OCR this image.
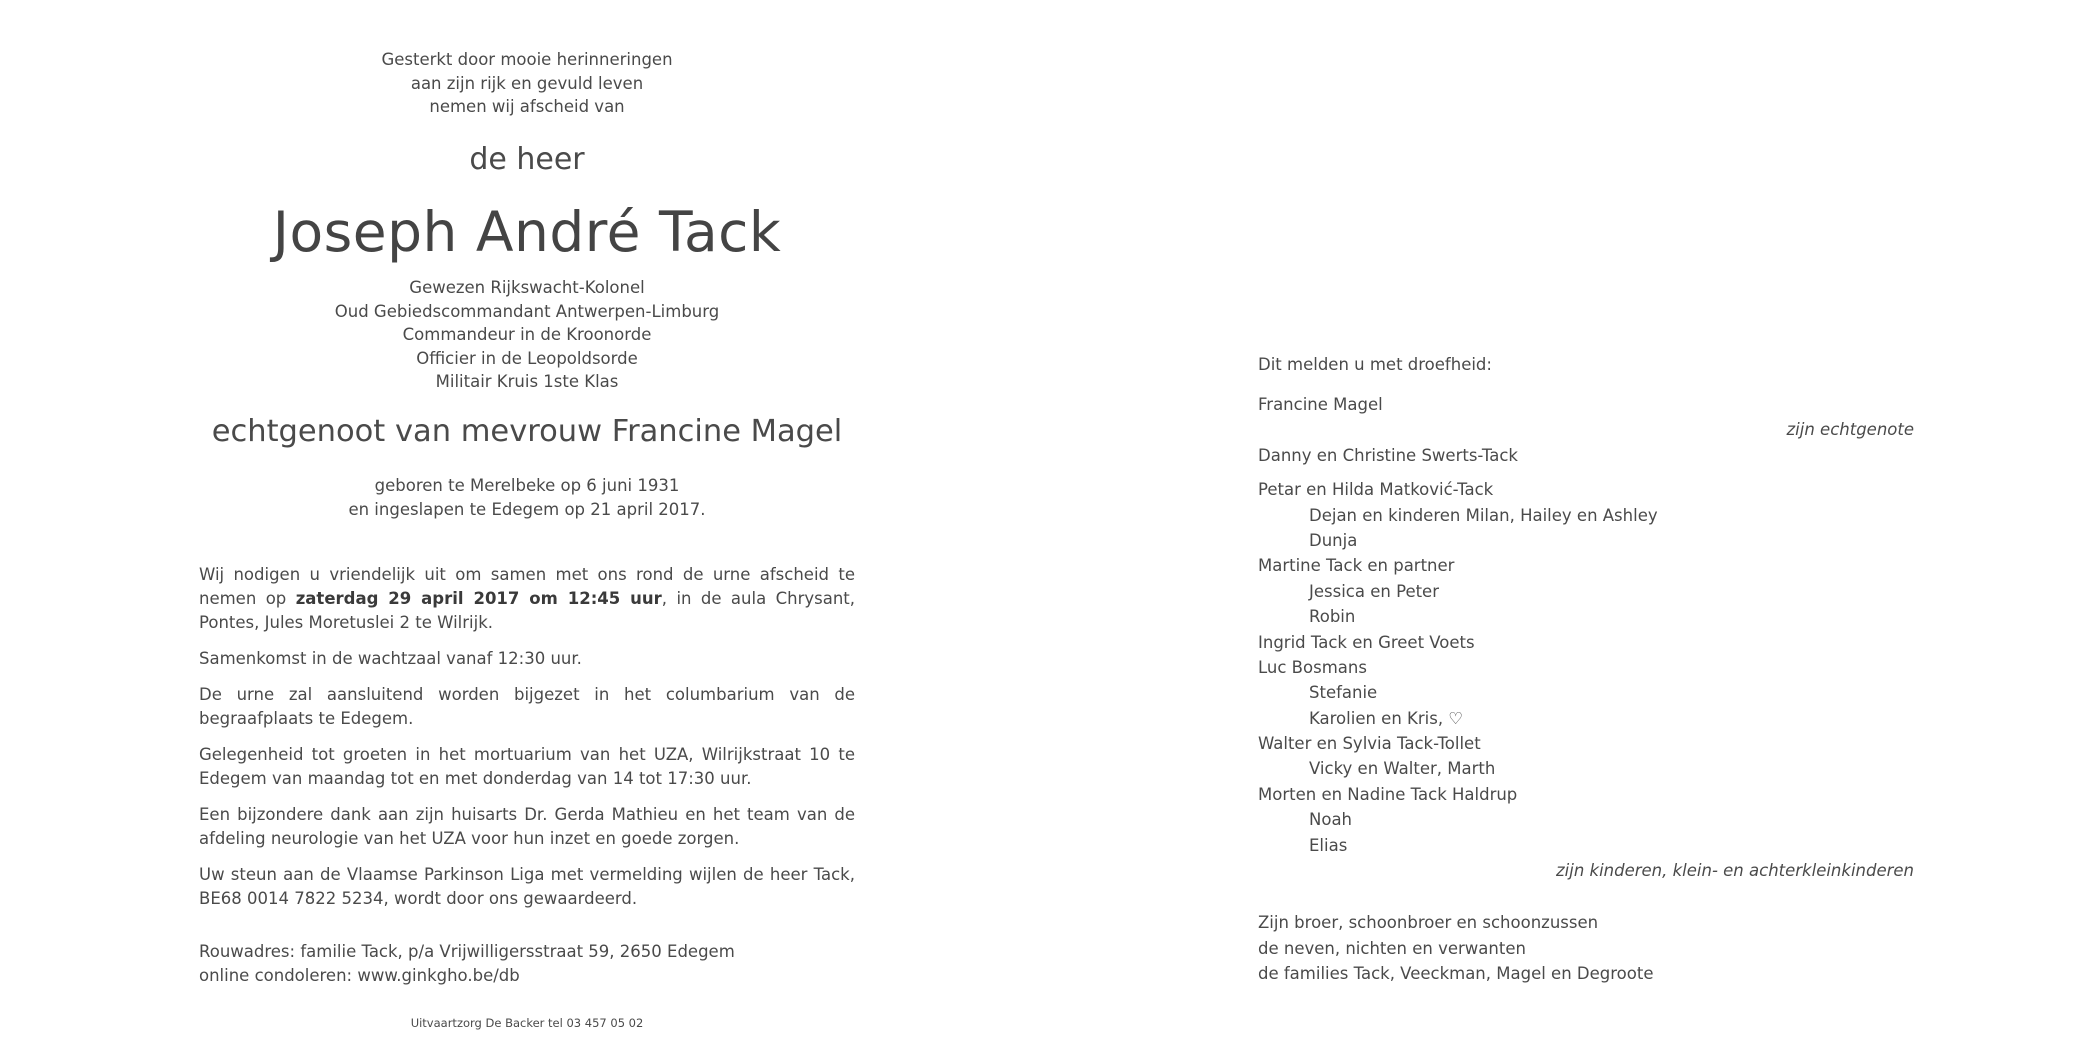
Gesterkt door mooie herinneringen
aan zijn rijk en gevuld leven
nemen wij afscheid van
de heer
Joseph André Tack
Gewezen Rijkswacht-Kolonel
Oud Gebiedscommandant Antwerpen-Limburg
Commandeur in de Kroonorde
Officier in de Leopoldsorde
Militair Kruis 1ste Klas
echtgenoot van mevrouw Francine Magel
geboren te Merelbeke op 6 juni 1931
en ingeslapen te Edegem op 21 april 2017.

Wij nodigen u vriendelijk uit om samen met ons rond de urne afscheid te nemen op zaterdag 29 april 2017 om 12:45 uur, in de aula Chrysant, Pontes, Jules Moretuslei 2 te Wilrijk.

Samenkomst in de wachtzaal vanaf 12:30 uur.

De urne zal aansluitend worden bijgezet in het columbarium van de begraafplaats te Edegem.

Gelegenheid tot groeten in het mortuarium van het UZA, Wilrijkstraat 10 te Edegem van maandag tot en met donderdag van 14 tot 17:30 uur.

Een bijzondere dank aan zijn huisarts Dr. Gerda Mathieu en het team van de afdeling neurologie van het UZA voor hun inzet en goede zorgen.

Uw steun aan de Vlaamse Parkinson Liga met vermelding wijlen de heer Tack, BE68 0014 7822 5234, wordt door ons gewaardeerd.

Rouwadres: familie Tack, p/a Vrijwilligersstraat 59, 2650 Edegem
online condoleren: www.ginkgho.be/db
Uitvaartzorg De Backer tel 03 457 05 02
Dit melden u met droefheid:
Francine Magel
zijn echtgenote
Danny en Christine Swerts-Tack
Petar en Hilda Matković-Tack
Dejan en kinderen Milan, Hailey en Ashley
Dunja
Martine Tack en partner
Jessica en Peter
Robin
Ingrid Tack en Greet Voets
Luc Bosmans
Stefanie
Karolien en Kris, ♡
Walter en Sylvia Tack-Tollet
Vicky en Walter, Marth
Morten en Nadine Tack Haldrup
Noah
Elias
zijn kinderen, klein- en achterkleinkinderen
Zijn broer, schoonbroer en schoonzussen
de neven, nichten en verwanten
de families Tack, Veeckman, Magel en Degroote
